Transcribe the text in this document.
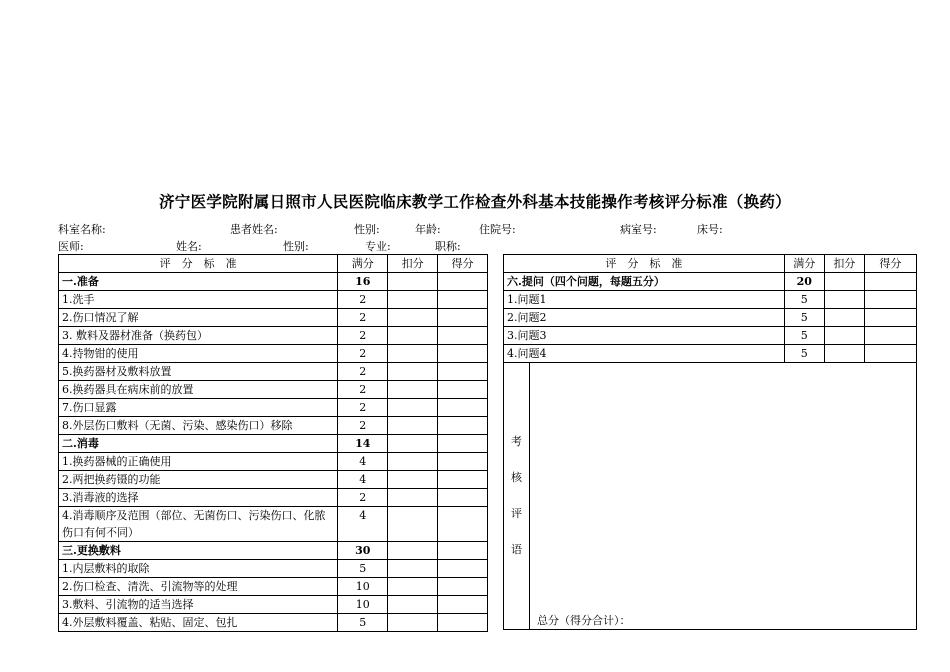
济宁医学院附属日照市人民医院临床教学工作检查外科基本技能操作考核评分标准（换药）
科室名称:	患者姓名:	性别:	年龄:	住院号:	病室号:	床号:
医师:	姓名:	性别:	专业:	职称:
评　分　标　准	满分	扣分	得分
一.准备	16		
1.洗手	2		
2.伤口情况了解	2		
3. 敷料及器材准备（换药包）	2		
4.持物钳的使用	2		
5.换药器材及敷料放置	2		
6.换药器具在病床前的放置	2		
7.伤口显露	2		
8.外层伤口敷料（无菌、污染、感染伤口）移除	2		
二.消毒	14		
1.换药器械的正确使用	4		
2.两把换药镊的功能	4		
3.消毒液的选择	2		
4.消毒顺序及范围（部位、无菌伤口、污染伤口、化脓伤口有何不同）	4		
三.更换敷料	30		
1.内层敷料的取除	5		
2.伤口检查、清洗、引流物等的处理	10		
3.敷料、引流物的适当选择	10		
4.外层敷料覆盖、粘贴、固定、包扎	5		
评　分　标　准		满分	扣分	得分
六.提问（四个问题，每题五分）		20		
1.问题1		5		
2.问题2		5		
3.问题3		5		
4.问题4		5		

考
核
评
语				

总分（得分合计）：
